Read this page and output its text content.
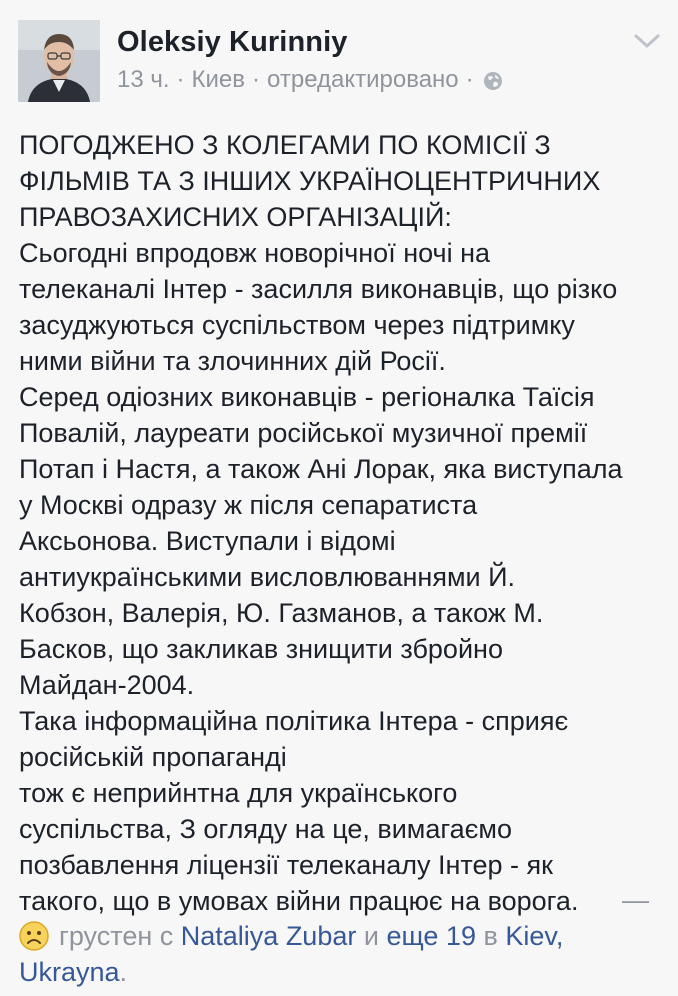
Oleksiy Kurinniy
13 ч. · Киев · отредактировано ·

ПОГОДЖЕНО З КОЛЕГАМИ ПО КОМІСІЇ З
ФІЛЬМІВ ТА З ІНШИХ УКРАЇНОЦЕНТРИЧНИХ
ПРАВОЗАХИСНИХ ОРГАНІЗАЦІЙ:

Сьогодні впродовж новорічної ночі на
телеканалі Інтер - засилля виконавців, що різко
засуджуються суспільством через підтримку
ними війни та злочинних дій Росії.

Серед одіозних виконавців - регіоналка Таїсія
Повалій, лауреати російської музичної премії
Потап і Настя, а також Ані Лорак, яка виступала
у Москві одразу ж після сепаратиста
Аксьонова. Виступали і відомі
антиукраїнськими висловлюваннями Й.
Кобзон, Валерія, Ю. Газманов, а також М.
Басков, що закликав знищити збройно
Майдан-2004.

Така інформаційна політика Інтера - сприяє
російській пропаганді
тож є неприйнтна для українського
суспільства, З огляду на це, вимагаємо
позбавлення ліцензії телеканалу Інтер - як
такого, що в умовах війни працює на ворога.	—
грустен с Nataliya Zubar и еще 19 в Kiev, Ukrayna.
